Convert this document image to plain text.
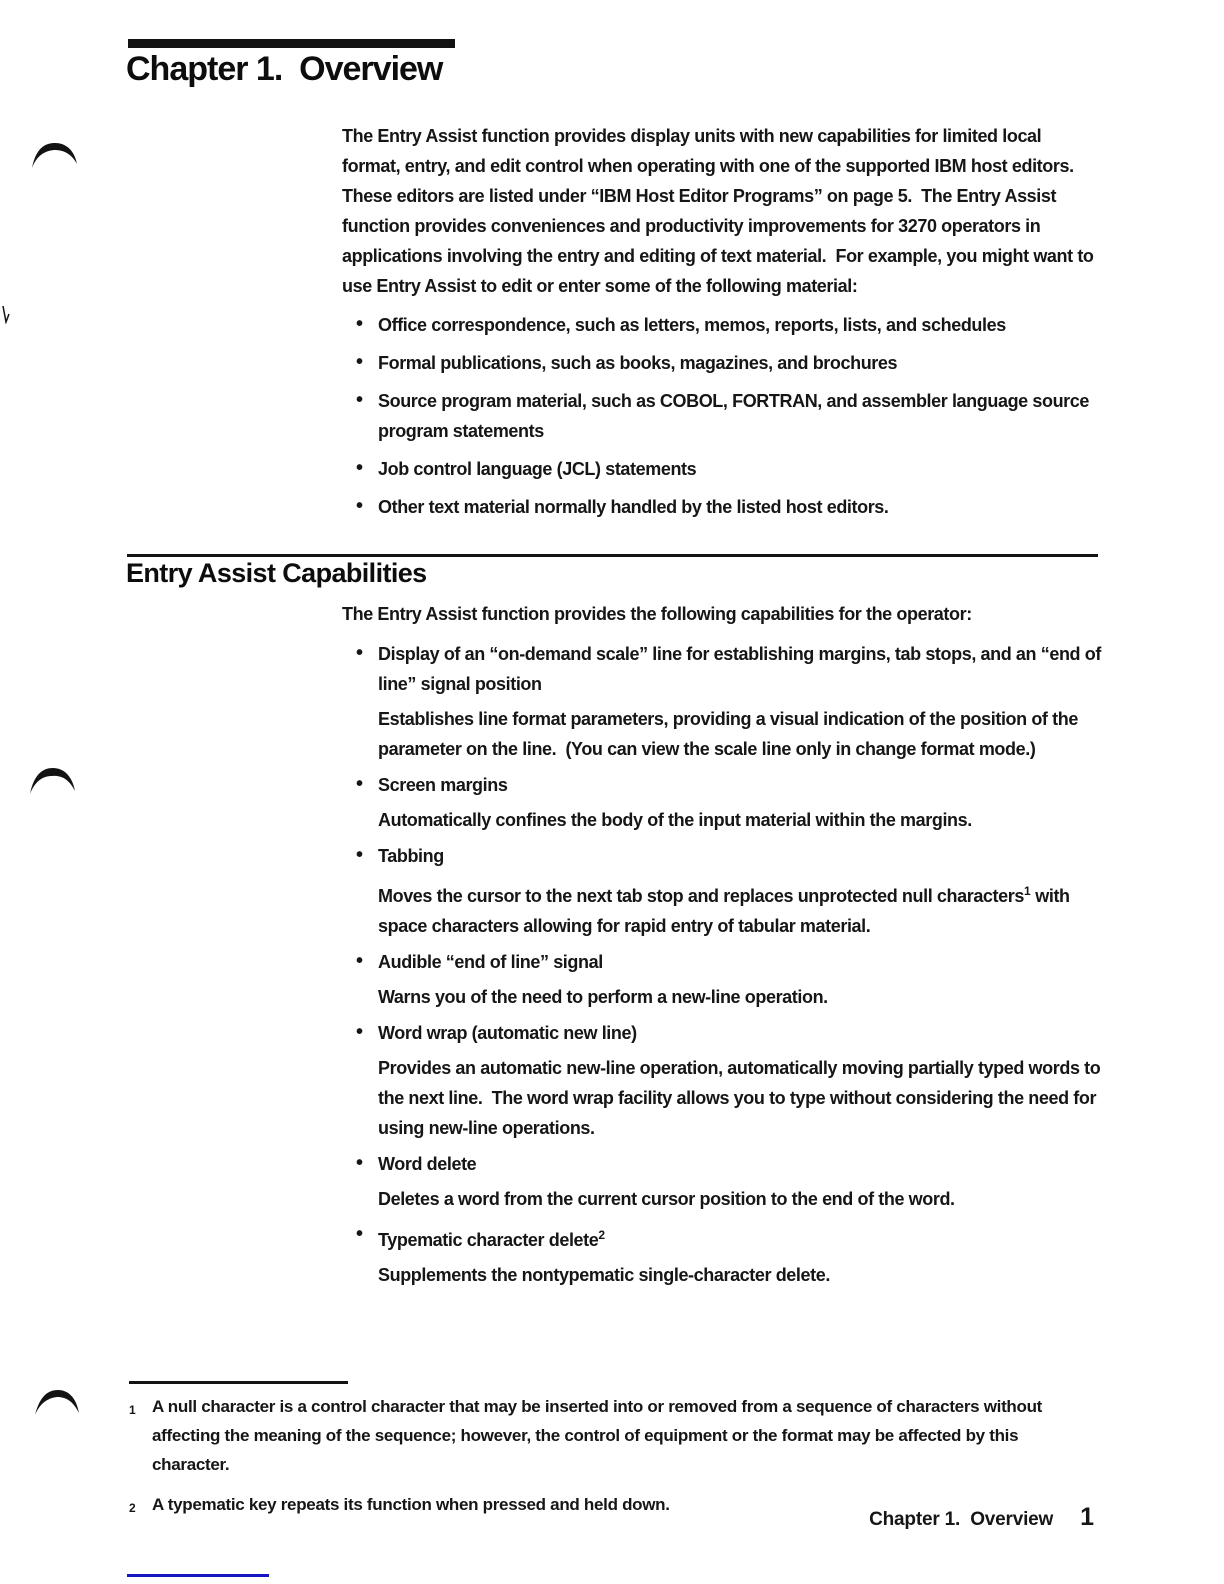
Chapter 1.  Overview

The Entry Assist function provides display units with new capabilities for limited local format, entry, and edit control when operating with one of the supported IBM host editors.  These editors are listed under “IBM Host Editor Programs” on page 5.  The Entry Assist function provides conveniences and productivity improvements for 3270 operators in applications involving the entry and editing of text material.  For example, you might want to use Entry Assist to edit or enter some of the following material:

• Office correspondence, such as letters, memos, reports, lists, and schedules
• Formal publications, such as books, magazines, and brochures
• Source program material, such as COBOL, FORTRAN, and assembler language source program statements
• Job control language (JCL) statements
• Other text material normally handled by the listed host editors.
Entry Assist Capabilities

The Entry Assist function provides the following capabilities for the operator:

• Display of an “on-demand scale” line for establishing margins, tab stops, and an “end of line” signal position

Establishes line format parameters, providing a visual indication of the position of the parameter on the line.  (You can view the scale line only in change format mode.)

• Screen margins

Automatically confines the body of the input material within the margins.

• Tabbing

Moves the cursor to the next tab stop and replaces unprotected null characters$^1$ with space characters allowing for rapid entry of tabular material.

• Audible “end of line” signal

Warns you of the need to perform a new-line operation.

• Word wrap (automatic new line)

Provides an automatic new-line operation, automatically moving partially typed words to the next line.  The word wrap facility allows you to type without considering the need for using new-line operations.

• Word delete

Deletes a word from the current cursor position to the end of the word.

• Typematic character delete$^2$

Supplements the nontypematic single-character delete.

1 A null character is a control character that may be inserted into or removed from a sequence of characters without affecting the meaning of the sequence; however, the control of equipment or the format may be affected by this character.

2 A typematic key repeats its function when pressed and held down.

Chapter 1.  Overview 1
